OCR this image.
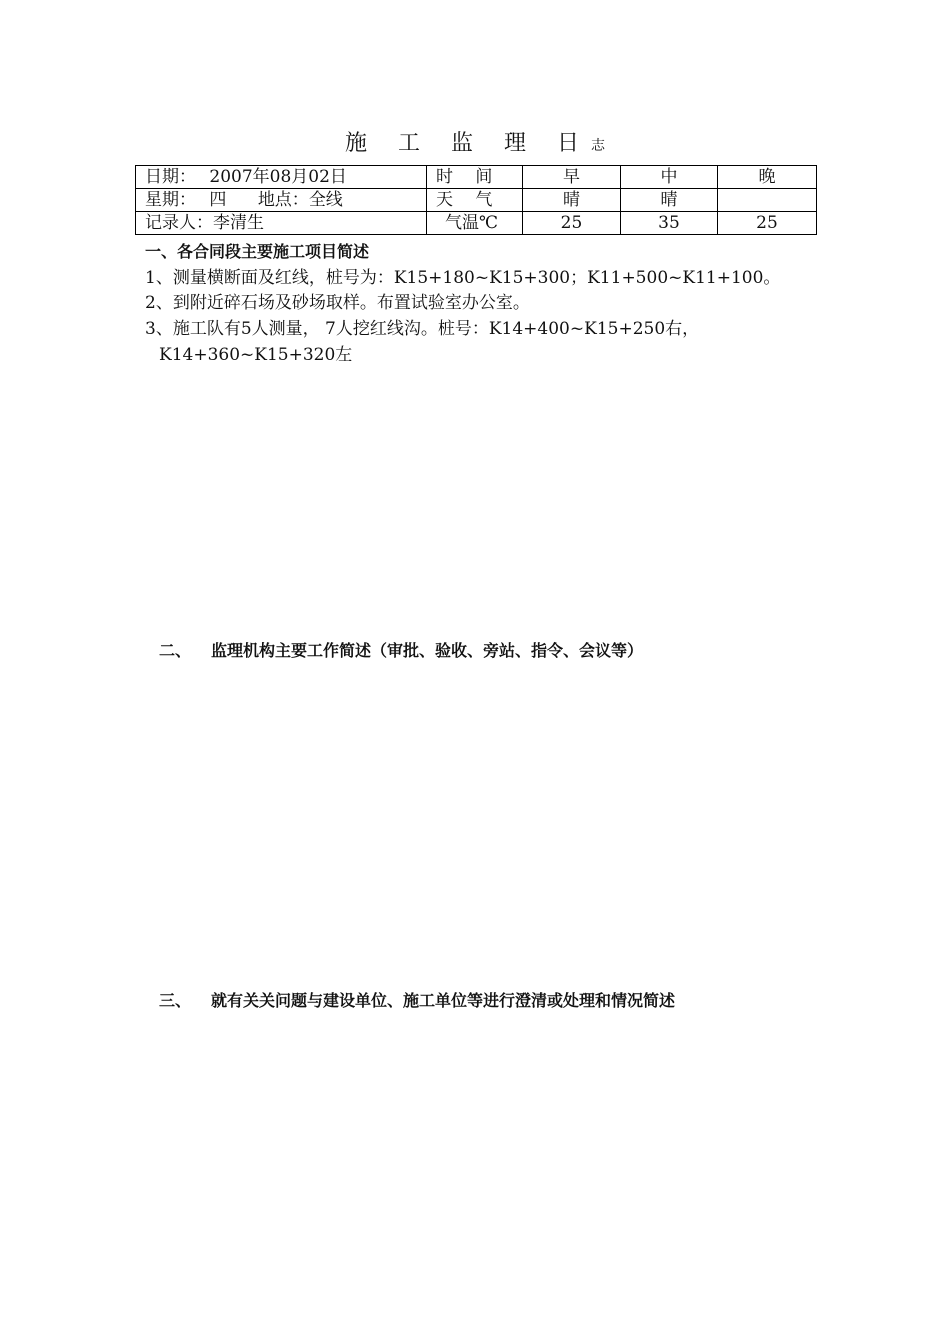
施 工 监 理 日志
日期： 2007年08月02日	时　 间	早	中	晚
星期： 四 地点：全线	天　 气	晴	晴	
记录人：李清生	气温℃	25	35	25
一、各合同段主要施工项目简述
1、测量横断面及红线，桩号为：K15+180~K15+300；K11+500~K11+100。
2、到附近碎石场及砂场取样。布置试验室办公室。
3、施工队有5人测量， 7人挖红线沟。桩号：K14+400~K15+250右，
K14+360~K15+320左
二、 监理机构主要工作简述（审批、验收、旁站、指令、会议等）
三、 就有关关问题与建设单位、施工单位等进行澄清或处理和情况简述
